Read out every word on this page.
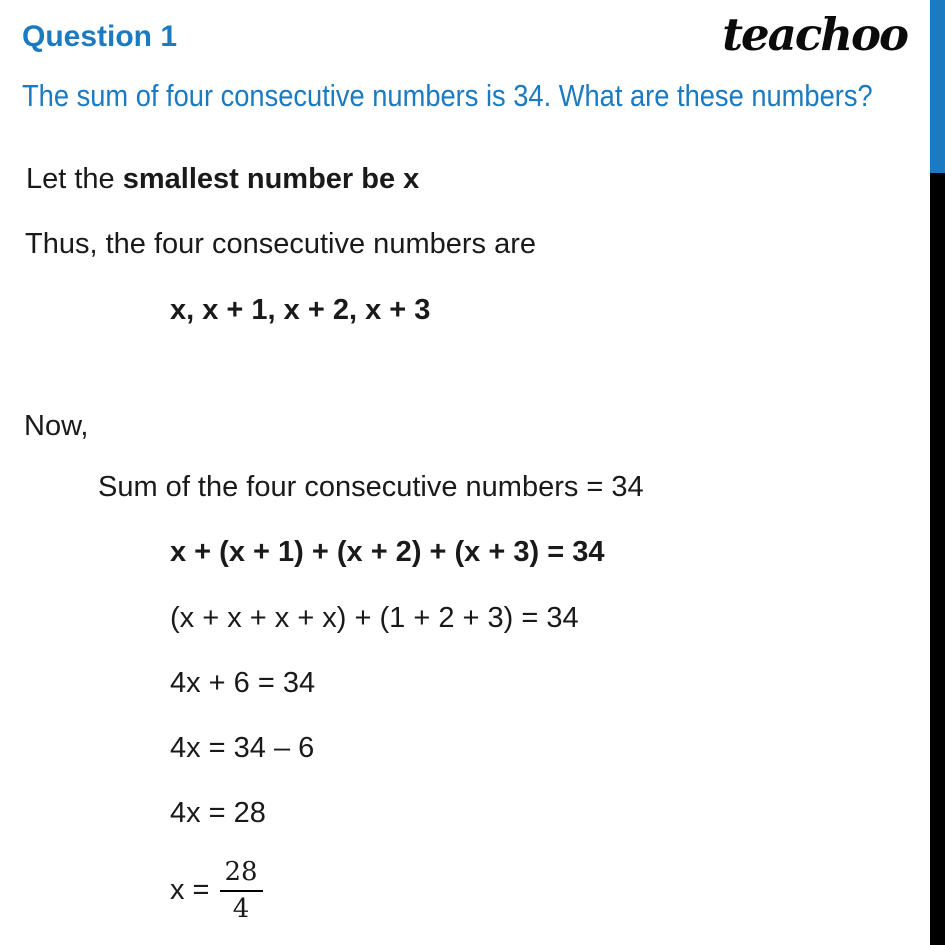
Question 1	teachoo
The sum of four consecutive numbers is 34. What are these numbers?
Let the smallest number be x
Thus, the four consecutive numbers are
x, x + 1, x + 2, x + 3
Now,
Sum of the four consecutive numbers = 34
x + (x + 1) + (x + 2) + (x + 3) = 34
(x + x + x + x) + (1 + 2 + 3) = 34
4x + 6 = 34
4x = 34 – 6
4x = 28
$x = \frac{28}{4}$
